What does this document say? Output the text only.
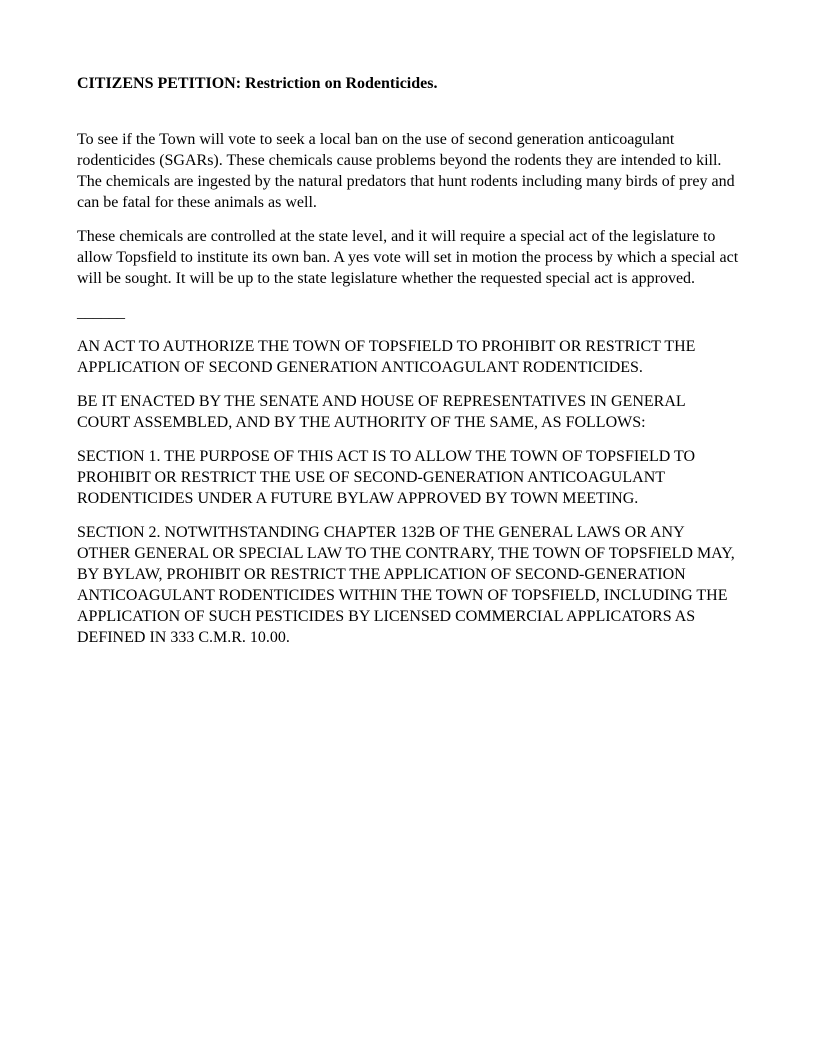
CITIZENS PETITION: Restriction on Rodenticides.

To see if the Town will vote to seek a local ban on the use of second generation anticoagulant rodenticides (SGARs). These chemicals cause problems beyond the rodents they are intended to kill. The chemicals are ingested by the natural predators that hunt rodents including many birds of prey and can be fatal for these animals as well.

These chemicals are controlled at the state level, and it will require a special act of the legislature to allow Topsfield to institute its own ban. A yes vote will set in motion the process by which a special act will be sought. It will be up to the state legislature whether the requested special act is approved.

______

AN ACT TO AUTHORIZE THE TOWN OF TOPSFIELD TO PROHIBIT OR RESTRICT THE APPLICATION OF SECOND GENERATION ANTICOAGULANT RODENTICIDES.

BE IT ENACTED BY THE SENATE AND HOUSE OF REPRESENTATIVES IN GENERAL COURT ASSEMBLED, AND BY THE AUTHORITY OF THE SAME, AS FOLLOWS:

SECTION 1. THE PURPOSE OF THIS ACT IS TO ALLOW THE TOWN OF TOPSFIELD TO PROHIBIT OR RESTRICT THE USE OF SECOND-GENERATION ANTICOAGULANT RODENTICIDES UNDER A FUTURE BYLAW APPROVED BY TOWN MEETING.

SECTION 2. NOTWITHSTANDING CHAPTER 132B OF THE GENERAL LAWS OR ANY OTHER GENERAL OR SPECIAL LAW TO THE CONTRARY, THE TOWN OF TOPSFIELD MAY, BY BYLAW, PROHIBIT OR RESTRICT THE APPLICATION OF SECOND-GENERATION ANTICOAGULANT RODENTICIDES WITHIN THE TOWN OF TOPSFIELD, INCLUDING THE APPLICATION OF SUCH PESTICIDES BY LICENSED COMMERCIAL APPLICATORS AS DEFINED IN 333 C.M.R. 10.00.
